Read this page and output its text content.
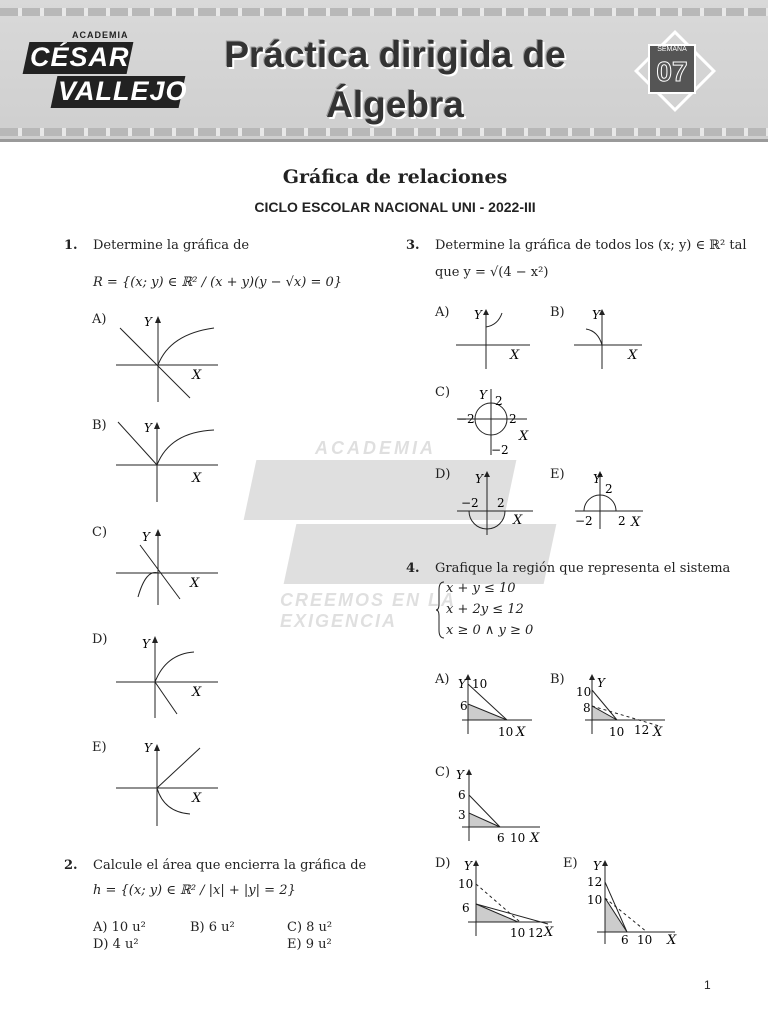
ACADEMIA
CÉSAR
VALLEJO
Práctica dirigida de
Álgebra
SEMANA
07
Gráfica de relaciones
CICLO ESCOLAR NACIONAL UNI - 2022-III
ACADEMIA
CREEMOS EN LA EXIGENCIA
1. Determine la gráfica de
R = {(x; y) ∈ ℝ² / (x + y)(y − √x) = 0}
A)	Y
X
B)	Y
X
C)	Y
X
D)	Y
X
E)	Y
X
2. Calcule el área que encierra la gráfica de
h = {(x; y) ∈ ℝ² / |x| + |y| = 2}
A) 10 u²	B) 6 u²	C) 8 u²
D) 4 u²	E) 9 u²
3. Determine la gráfica de todos los (x; y) ∈ ℝ² tal
que y = √(4 − x²)
A) Y
X
B) Y
X
C) Y 2
−2	2
−2
X
D) Y
−2 2
X
E) Y
2
−2 2 X
4. Grafique la región que representa el sistema
x + y ≤ 10
x + 2y ≤ 12
x ≥ 0 ∧ y ≥ 0
A) Y 10
6
10 X
B)	Y
10
8
10 12 X
C) Y
6
3
6 10 X
D) Y
10
6
10 12 X
E) Y
12
10
6 10 X
1
